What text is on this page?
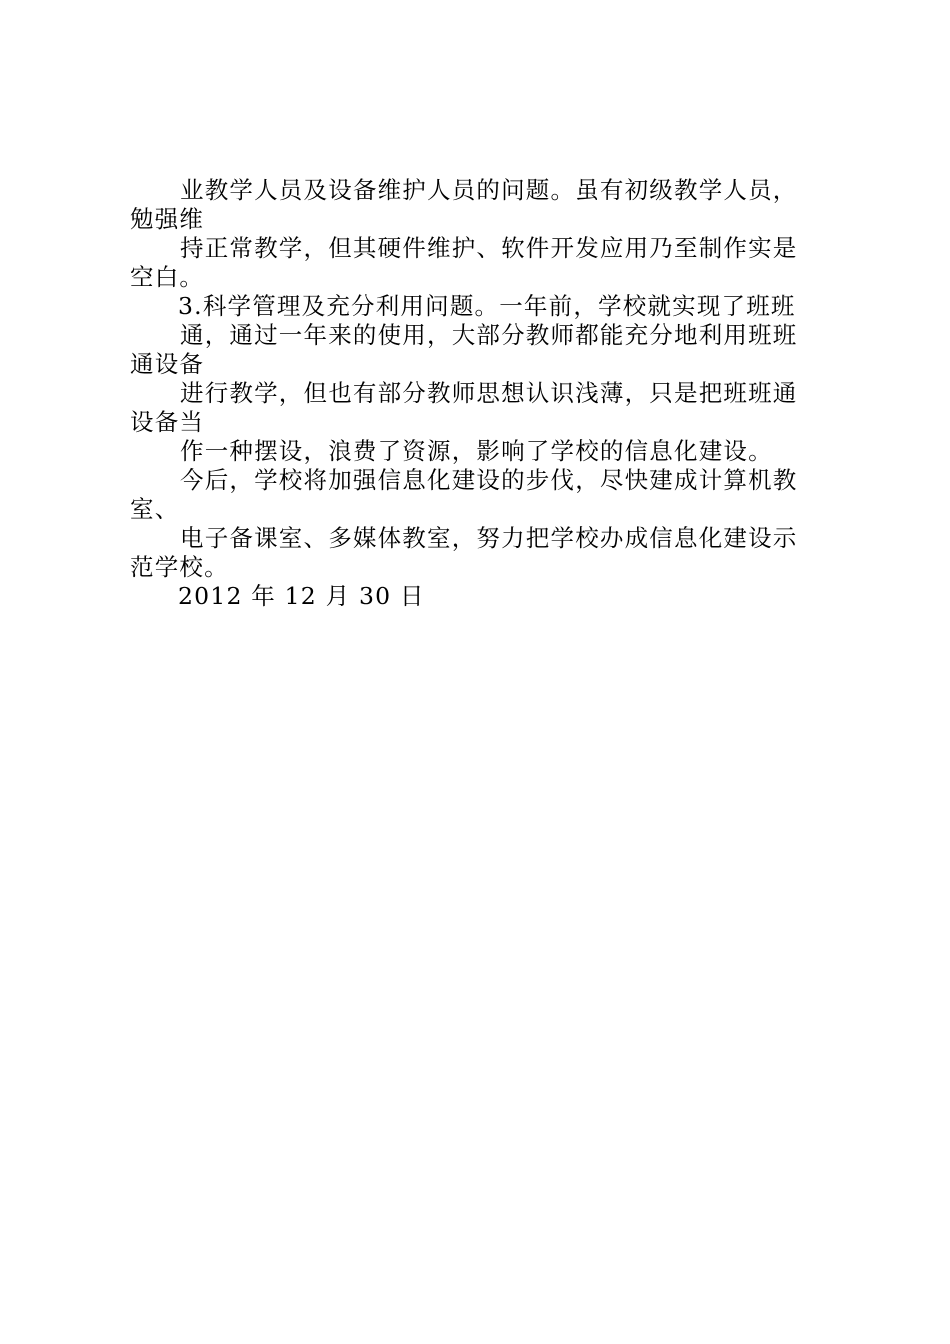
业教学人员及设备维护人员的问题。虽有初级教学人员，
勉强维
持正常教学，但其硬件维护、软件开发应用乃至制作实是
空白。
3.科学管理及充分利用问题。一年前，学校就实现了班班
通，通过一年来的使用，大部分教师都能充分地利用班班
通设备
进行教学，但也有部分教师思想认识浅薄，只是把班班通
设备当
作一种摆设，浪费了资源，影响了学校的信息化建设。
今后，学校将加强信息化建设的步伐，尽快建成计算机教
室、
电子备课室、多媒体教室，努力把学校办成信息化建设示
范学校。
2012 年 12 月 30 日
